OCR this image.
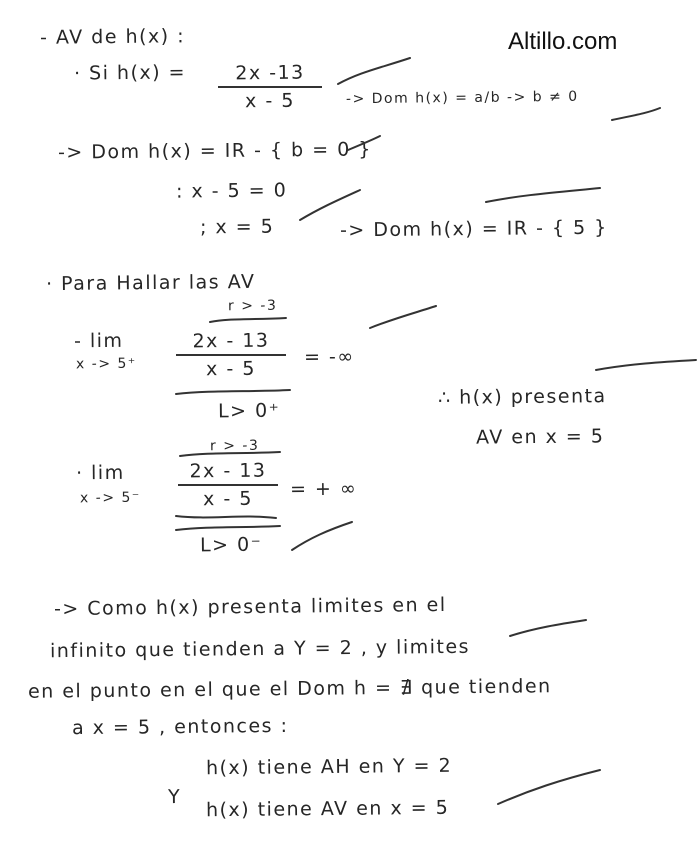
Altillo.com
- AV de h(x) :
· Si h(x) =	2x -13
x - 5	-> Dom h(x) = a/b -> b ≠ 0
-> Dom h(x) = IR - { b = 0 }
: x - 5 = 0
; x = 5	-> Dom h(x) = IR - { 5 }
· Para Hallar las AV
r > -3
- lim
x -> 5⁺
2x - 13
x - 5
L> 0⁺
= -∞
∴ h(x) presenta
AV en x = 5
r > -3
· lim
x -> 5⁻
2x - 13
x - 5
L> 0⁻
= + ∞
-> Como h(x) presenta limites en el
infinito que tienden a Y = 2 , y limites
en el punto en el que el Dom h = ∄ que tienden
a x = 5 , entonces :
h(x) tiene AH en Y = 2
Y h(x) tiene AV en x = 5
